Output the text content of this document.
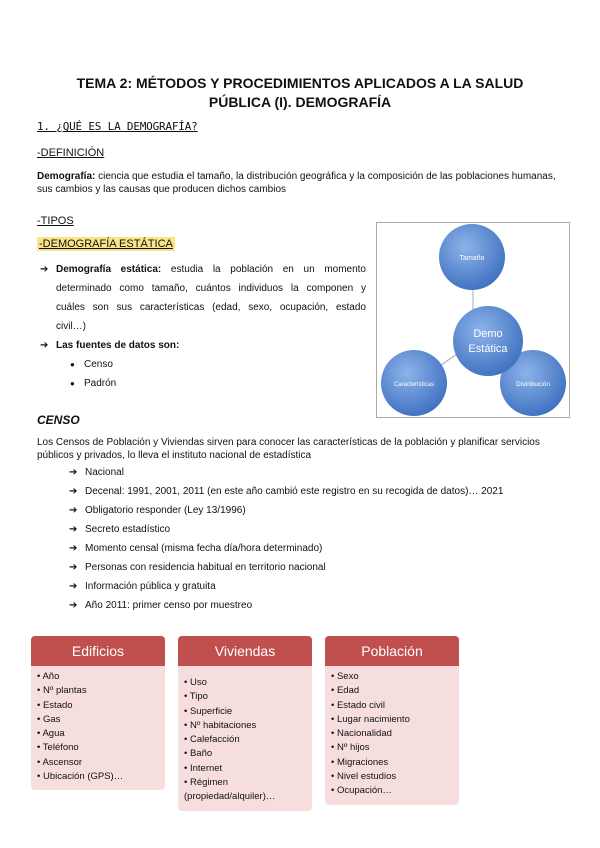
TEMA 2: MÉTODOS Y PROCEDIMIENTOS APLICADOS A LA SALUD
PÚBLICA (I). DEMOGRAFÍA
1. ¿QUÉ ES LA DEMOGRAFÍA?
-DEFINICIÓN
Demografía: ciencia que estudia el tamaño, la distribución geográfica y la composición de las poblaciones humanas, sus cambios y las causas que producen dichos cambios
-TIPOS
-DEMOGRAFÍA ESTÁTICA
➔ Demografía estática: estudia la población en un momento
determinado como tamaño, cuántos individuos la componen y
cuáles son sus características (edad, sexo, ocupación, estado
civil…)
➔ Las fuentes de datos son:
● Censo
● Padrón
Tamaño
Características	Distribución
Demo
Estática
CENSO
Los Censos de Población y Viviendas sirven para conocer las características de la población y planificar servicios públicos y privados, lo lleva el instituto nacional de estadística
➔ Nacional
➔ Decenal: 1991, 2001, 2011 (en este año cambió este registro en su recogida de datos)… 2021
➔ Obligatorio responder (Ley 13/1996)
➔ Secreto estadístico
➔ Momento censal (misma fecha día/hora determinado)
➔ Personas con residencia habitual en territorio nacional
➔ Información pública y gratuita
➔ Año 2011: primer censo por muestreo
Edificios
• Año
• Nº plantas
• Estado
• Gas
• Agua
• Teléfono
• Ascensor
• Ubicación (GPS)…
Viviendas
• Uso
• Tipo
• Superficie
• Nº habitaciones
• Calefacción
• Baño
• Internet
• Régimen (propiedad/alquiler)…
Población
• Sexo
• Edad
• Estado civil
• Lugar nacimiento
• Nacionalidad
• Nº hijos
• Migraciones
• Nivel estudios
• Ocupación…
